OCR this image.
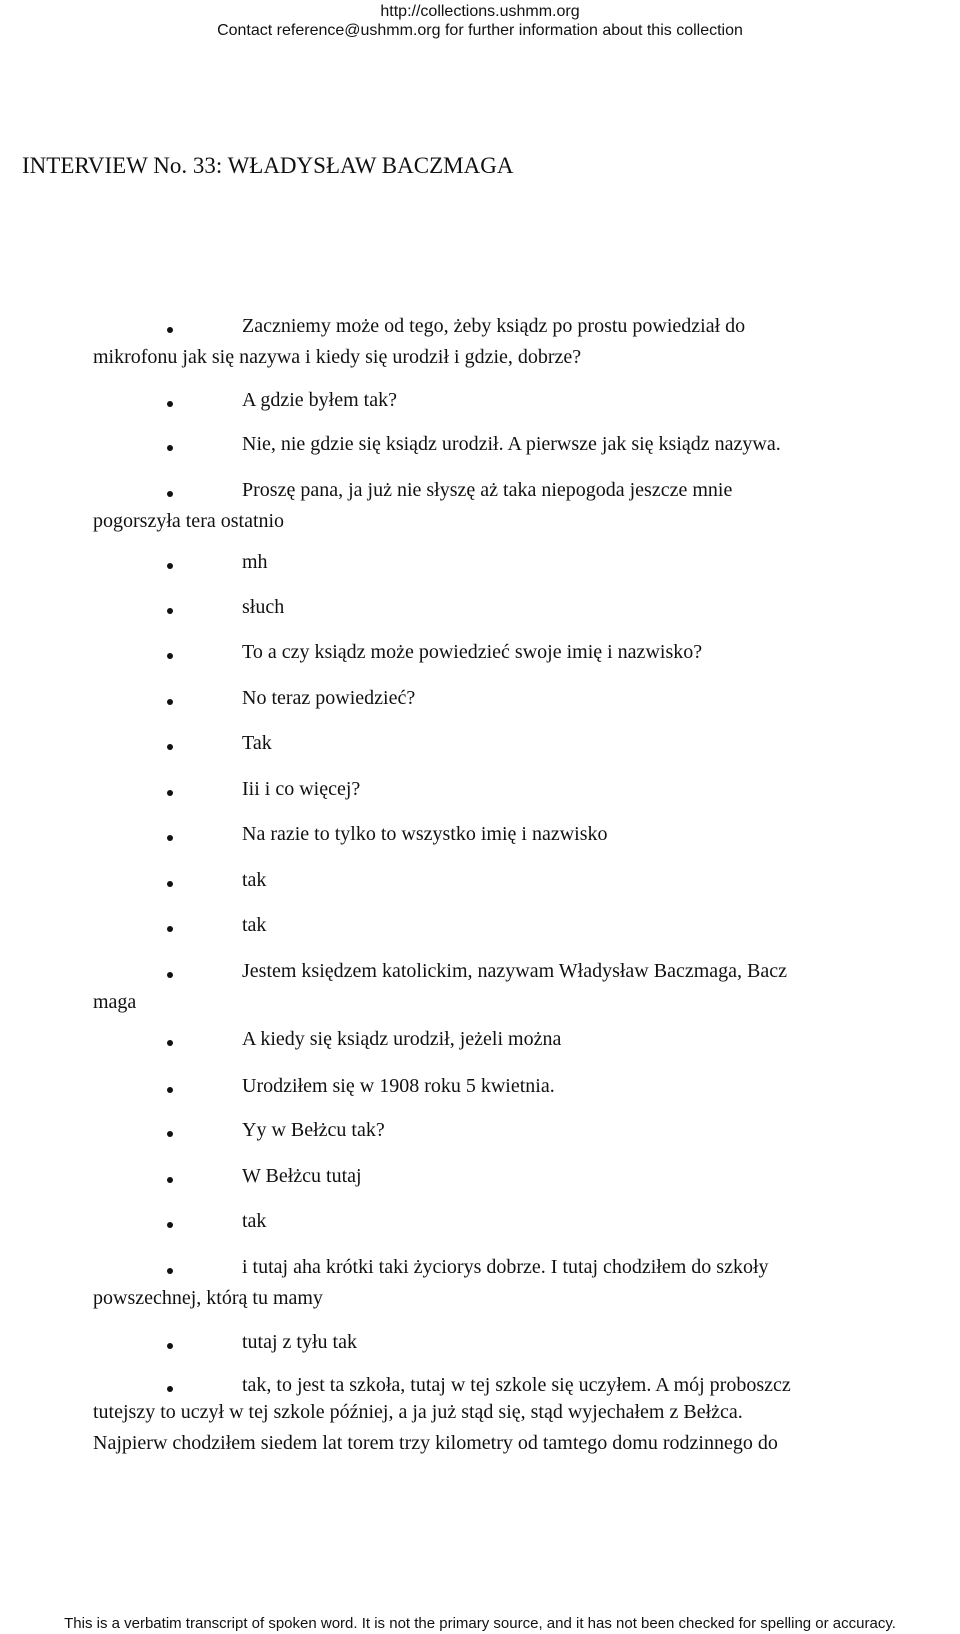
http://collections.ushmm.org
Contact reference@ushmm.org for further information about this collection
INTERVIEW No. 33: WŁADYSŁAW BACZMAGA
Zaczniemy może od tego, żeby ksiądz po prostu powiedział do
mikrofonu jak się nazywa i kiedy się urodził i gdzie, dobrze?
A gdzie byłem tak?
Nie, nie gdzie się ksiądz urodził. A pierwsze jak się ksiądz nazywa.
Proszę pana, ja już nie słyszę aż taka niepogoda jeszcze mnie
pogorszyła tera ostatnio
mh
słuch
To a czy ksiądz może powiedzieć swoje imię i nazwisko?
No teraz powiedzieć?
Tak
Iii i co więcej?
Na razie to tylko to wszystko imię i nazwisko
tak
tak
Jestem księdzem katolickim, nazywam Władysław Baczmaga, Bacz
maga
A kiedy się ksiądz urodził, jeżeli można
Urodziłem się w 1908 roku 5 kwietnia.
Yy w Bełżcu tak?
W Bełżcu tutaj
tak
i tutaj aha krótki taki życiorys dobrze. I tutaj chodziłem do szkoły
powszechnej, którą tu mamy
tutaj z tyłu tak
tak, to jest ta szkoła, tutaj w tej szkole się uczyłem. A mój proboszcz
tutejszy to uczył w tej szkole później, a ja już stąd się, stąd wyjechałem z Bełżca.
Najpierw chodziłem siedem lat torem trzy kilometry od tamtego domu rodzinnego do
This is a verbatim transcript of spoken word. It is not the primary source, and it has not been checked for spelling or accuracy.
